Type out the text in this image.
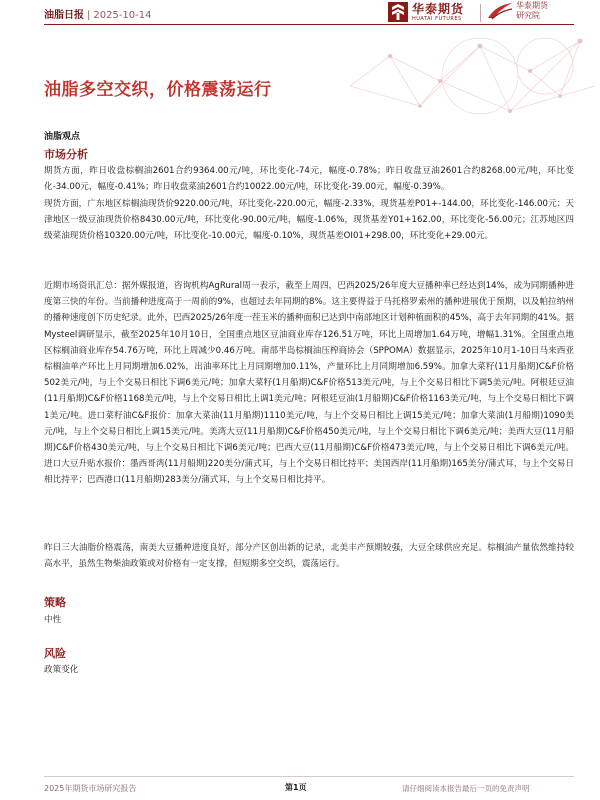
油脂日报 | 2025-10-14	华泰期货
HUATAI FUTURES
华泰期货
研究院
油脂多空交织，价格震荡运行
油脂观点
市场分析

期货方面，昨日收盘棕榈油2601合约9364.00元/吨，环比变化-74元，幅度-0.78%；昨日收盘豆油2601合约8268.00元/吨，环比变化-34.00元，幅度-0.41%；昨日收盘菜油2601合约10022.00元/吨，环比变化-39.00元，幅度-0.39%。

现货方面，广东地区棕榈油现货价9220.00元/吨，环比变化-220.00元，幅度-2.33%，现货基差P01+-144.00，环比变化-146.00元；天津地区一级豆油现货价格8430.00元/吨，环比变化-90.00元/吨，幅度-1.06%，现货基差Y01+162.00，环比变化-56.00元；江苏地区四级菜油现货价格10320.00元/吨，环比变化-10.00元，幅度-0.10%，现货基差OI01+298.00，环比变化+29.00元。

近期市场资讯汇总：据外媒报道，咨询机构AgRural周一表示，截至上周四，巴西2025/26年度大豆播种率已经达到14%，成为同期播种进度第三快的年份。当前播种进度高于一周前的9%，也超过去年同期的8%。这主要得益于马托格罗索州的播种进展优于预期，以及帕拉纳州的播种速度创下历史纪录。此外，巴西2025/26年度一茬玉米的播种面积已达到中南部地区计划种植面积的45%，高于去年同期的41%。据Mysteel调研显示，截至2025年10月10日，全国重点地区豆油商业库存126.51万吨，环比上周增加1.64万吨，增幅1.31%。全国重点地区棕榈油商业库存54.76万吨，环比上周减少0.46万吨。南部半岛棕榈油压榨商协会（SPPOMA）数据显示，2025年10月1-10日马来西亚棕榈油单产环比上月同期增加6.02%，出油率环比上月同期增加0.11%，产量环比上月同期增加6.59%。加拿大菜籽(11月船期)C&F价格502美元/吨，与上个交易日相比下调6美元/吨；加拿大菜籽(1月船期)C&F价格513美元/吨，与上个交易日相比下调5美元/吨。阿根廷豆油(11月船期)C&F价格1168美元/吨，与上个交易日相比上调1美元/吨；阿根廷豆油(1月船期)C&F价格1163美元/吨，与上个交易日相比下调1美元/吨。进口菜籽油C&F报价：加拿大菜油(11月船期)1110美元/吨，与上个交易日相比上调15美元/吨；加拿大菜油(1月船期)1090美元/吨，与上个交易日相比上调15美元/吨。美湾大豆(11月船期)C&F价格450美元/吨，与上个交易日相比下调6美元/吨；美西大豆(11月船期)C&F价格430美元/吨，与上个交易日相比下调6美元/吨；巴西大豆(11月船期)C&F价格473美元/吨，与上个交易日相比下调6美元/吨。进口大豆升贴水报价：墨西哥湾(11月船期)220美分/蒲式耳，与上个交易日相比持平；美国西岸(11月船期)165美分/蒲式耳，与上个交易日相比持平；巴西港口(11月船期)283美分/蒲式耳，与上个交易日相比持平。

昨日三大油脂价格震荡，南美大豆播种进度良好，部分产区创出新的记录，北美丰产预期较强，大豆全球供应充足。棕榈油产量依然维持较高水平，虽然生物柴油政策或对价格有一定支撑，但短期多空交织，震荡运行。

策略
中性
风险
政策变化
2025年期货市场研究报告	第1页	请仔细阅读本报告最后一页的免责声明
